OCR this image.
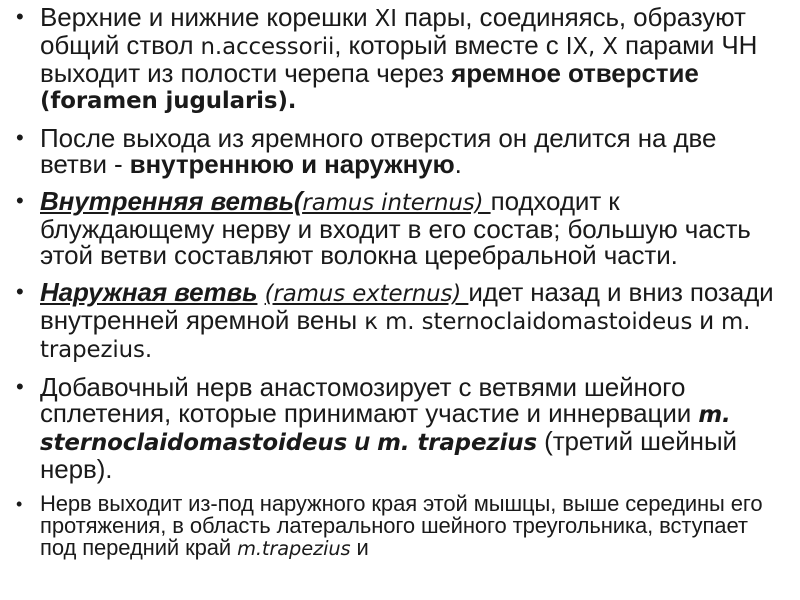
• Верхние и нижние корешки XI пары, соединяясь, образуют общий ствол n.accessorii, который вместе с IX, X парами ЧН выходит из полости черепа через яремное отверстие (foramen jugularis).
• После выхода из яремного отверстия он делится на две ветви - внутреннюю и наружную.
• Внутренняя ветвь(ramus internus) подходит к блуждающему нерву и входит в его состав; большую часть этой ветви составляют волокна церебральной части.
• Наружная ветвь (ramus externus) идет назад и вниз позади внутренней яремной вены к m. sternoclaidomastoideus и m. trapezius.
• Добавочный нерв анастомозирует с ветвями шейного сплетения, которые принимают участие и иннервации m. sternoclaidomastoideus и m. trapezius (третий шейный нерв).
• Нерв выходит из-под наружного края этой мышцы, выше середины его протяжения, в область латерального шейного треугольника, вступает под передний край m.trapezius и
